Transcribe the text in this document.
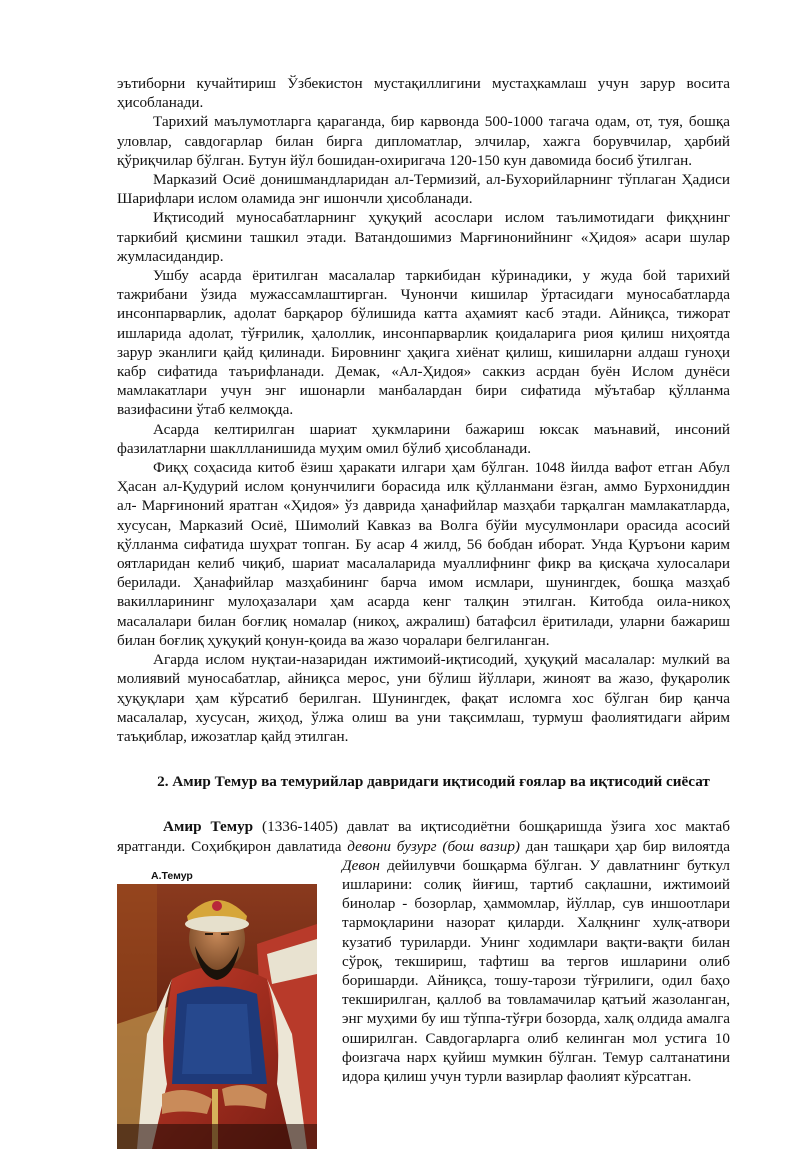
эътиборни кучайтириш Ўзбекистон мустақиллигини мустаҳкамлаш учун зарур восита ҳисобланади.

Тарихий маълумотларга қараганда, бир карвонда 500-1000 тагача одам, от, туя, бошқа уловлар, савдогарлар билан бирга дипломатлар, элчилар, хажга борувчилар, ҳарбий қўриқчилар бўлган. Бутун йўл бошидан-охиригача 120-150 кун давомида босиб ўтилган.

Марказий Осиё донишмандларидан ал-Термизий, ал-Бухорийларнинг тўплаган Ҳадиси Шарифлари ислом оламида энг ишончли ҳисобланади.

Иқтисодий муносабатларнинг ҳуқуқий асослари ислом таълимотидаги фиқҳнинг таркибий қисмини ташкил этади. Ватандошимиз Марғинонийнинг «Ҳидоя» асари шулар жумласидандир.

Ушбу асарда ёритилган масалалар таркибидан кўринадики, у жуда бой тарихий тажрибани ўзида мужассамлаштирган. Чунончи кишилар ўртасидаги муносабатларда инсонпарварлик, адолат барқарор бўлишида катта аҳамият касб этади. Айниқса, тижорат ишларида адолат, тўғрилик, ҳалоллик, инсонпарварлик қоидаларига риоя қилиш ниҳоятда зарур эканлиги қайд қилинади. Бировнинг ҳақига хиёнат қилиш, кишиларни алдаш гуноҳи кабр сифатида таърифланади. Демак, «Ал-Ҳидоя» саккиз асрдан буён Ислом дунёси мамлакатлари учун энг ишонарли манбалардан бири сифатида мўътабар қўлланма вазифасини ўтаб келмоқда.

Асарда келтирилган шариат ҳукмларини бажариш юксак маънавий, инсоний фазилатларни шакллланишида муҳим омил бўлиб ҳисобланади.

Фиқҳ соҳасида китоб ёзиш ҳаракати илгари ҳам бўлган. 1048 йилда вафот етган Абул Ҳасан ал-Қудурий ислом қонунчилиги борасида илк қўлланмани ёзган, аммо Бурхониддин ал- Марғиноний яратган «Ҳидоя» ўз даврида ҳанафийлар мазҳаби тарқалган мамлакатларда, хусусан, Марказий Осиё, Шимолий Кавказ ва Волга бўйи мусулмонлари орасида асосий қўлланма сифатида шуҳрат топган. Бу асар 4 жилд, 56 бобдан иборат. Унда Қуръони карим оятларидан келиб чиқиб, шариат масалаларида муаллифнинг фикр ва қисқача хулосалари берилади. Ҳанафийлар мазҳабининг барча имом исмлари, шунингдек, бошқа мазҳаб вакилларининг мулоҳазалари ҳам асарда кенг талқин этилган. Китобда оила-никоҳ масалалари билан боғлиқ номалар (никоҳ, ажралиш) батафсил ёритилади, уларни бажариш билан боғлиқ ҳуқуқий қонун-қоида ва жазо чоралари белгиланган.

Агарда ислом нуқтаи-назаридан ижтимоий-иқтисодий, ҳуқуқий масалалар: мулкий ва молиявий муносабатлар, айниқса мерос, уни бўлиш йўллари, жиноят ва жазо, фуқаролик ҳуқуқлари ҳам кўрсатиб берилган. Шунингдек, фақат исломга хос бўлган бир қанча масалалар, хусусан, жиҳод, ўлжа олиш ва уни тақсимлаш, турмуш фаолиятидаги айрим таъқиблар, ижозатлар қайд этилган.

2. Амир Темур ва темурийлар давридаги иқтисодий ғоялар ва иқтисодий сиёсат

Амир Темур (1336-1405) давлат ва иқтисодиётни бошқаришда ўзига хос мактаб яратганди. Соҳибқирон давлатида девони бузург (бош вазир) дан ташқари ҳар бир вилоятда
А.Темур
Девон дейилувчи бошқарма бўлган. У давлатнинг буткул ишларини: солиқ йиғиш, тартиб сақлашни, ижтимоий бинолар - бозорлар, ҳаммомлар, йўллар, сув иншоотлари тармоқларини назорат қиларди. Халқнинг хулқ-атвори кузатиб туриларди. Унинг ходимлари вақти-вақти билан сўроқ, текшириш, тафтиш ва тергов ишларини олиб боришарди. Айниқса, тошу-тарози тўғрилиги, одил баҳо текширилган, қаллоб ва товламачилар қатъий жазоланган, энг муҳими бу иш тўппа-тўғри бозорда, халқ олдида амалга оширилган. Савдогарларга олиб келинган мол устига 10 фоизгача нарх қуйиш мумкин бўлган. Темур салтанатини идора қилиш учун турли вазирлар фаолият кўрсатган.
